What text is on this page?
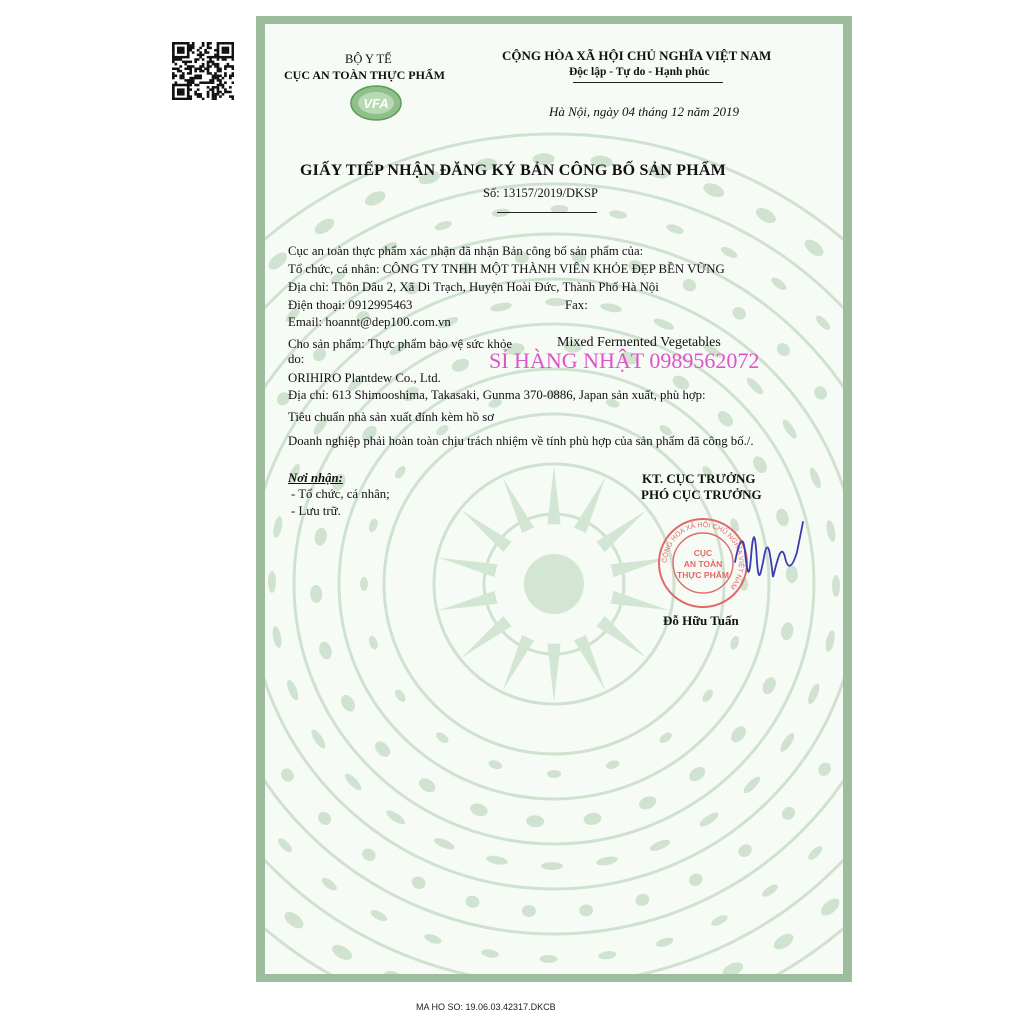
BỘ Y TẾ
CỤC AN TOÀN THỰC PHẨM
VFA
CỘNG HÒA XÃ HỘI CHỦ NGHĨA VIỆT NAM
Độc lập - Tự do - Hạnh phúc
Hà Nội, ngày 04 tháng 12 năm 2019
GIẤY TIẾP NHẬN ĐĂNG KÝ BẢN CÔNG BỐ SẢN PHẨM
Số: 13157/2019/DKSP
Cục an toàn thực phẩm xác nhận đã nhận Bản công bố sản phẩm của:
Tổ chức, cá nhân: CÔNG TY TNHH MỘT THÀNH VIÊN KHỎE ĐẸP BỀN VỮNG
Địa chỉ: Thôn Dâu 2, Xã Di Trạch, Huyện Hoài Đức, Thành Phố Hà Nội
Điện thoại: 0912995463	Fax:
Email: hoannt@dep100.com.vn
Cho sản phẩm: Thực phẩm bảo vệ sức khỏe	Mixed Fermented Vegetables
do:	SỈ HÀNG NHẬT 0989562072
ORIHIRO Plantdew Co., Ltd.
Địa chỉ: 613 Shimooshima, Takasaki, Gunma 370-0886, Japan sản xuất, phù hợp:
Tiêu chuẩn nhà sản xuất đính kèm hồ sơ
Doanh nghiệp phải hoàn toàn chịu trách nhiệm về tính phù hợp của sản phẩm đã công bố./.
Nơi nhận:
- Tổ chức, cá nhân;
- Lưu trữ.
KT. CỤC TRƯỞNG
PHÓ CỤC TRƯỞNG
CỘNG HÒA XÃ HỘI CHỦ NGHĨA VIỆT NAM
CỤC
AN TOÀN
THỰC PHẨM
Đỗ Hữu Tuấn
MA HO SO: 19.06.03.42317.DKCB
